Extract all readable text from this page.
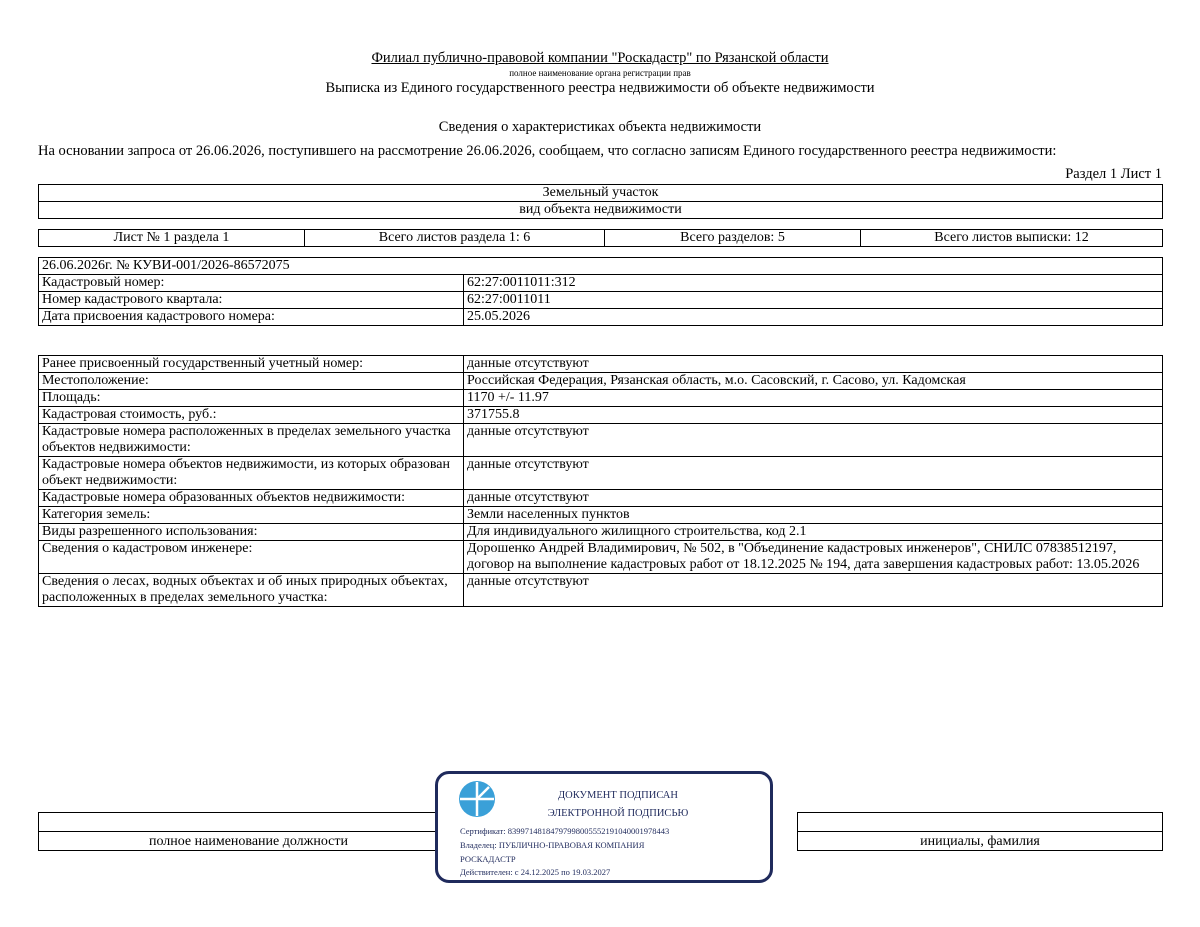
Филиал публично-правовой компании "Роскадастр" по Рязанской области
полное наименование органа регистрации прав
Выписка из Единого государственного реестра недвижимости об объекте недвижимости
Сведения о характеристиках объекта недвижимости
На основании запроса от 26.06.2026, поступившего на рассмотрение 26.06.2026, сообщаем, что согласно записям Единого государственного реестра недвижимости:
Раздел 1 Лист 1
Земельный участок
вид объекта недвижимости
Лист № 1 раздела 1	Всего листов раздела 1: 6	Всего разделов: 5	Всего листов выписки: 12
26.06.2026г. № КУВИ-001/2026-86572075	
Кадастровый номер:	62:27:0011011:312
Номер кадастрового квартала:	62:27:0011011
Дата присвоения кадастрового номера:	25.05.2026
Ранее присвоенный государственный учетный номер:	данные отсутствуют
Местоположение:	Российская Федерация, Рязанская область, м.о. Сасовский, г. Сасово, ул. Кадомская
Площадь:	1170 +/- 11.97
Кадастровая стоимость, руб.:	371755.8
Кадастровые номера расположенных в пределах земельного участка объектов недвижимости:	данные отсутствуют
Кадастровые номера объектов недвижимости, из которых образован объект недвижимости:	данные отсутствуют
Кадастровые номера образованных объектов недвижимости:	данные отсутствуют
Категория земель:	Земли населенных пунктов
Виды разрешенного использования:	Для индивидуального жилищного строительства, код 2.1
Сведения о кадастровом инженере:	Дорошенко Андрей Владимирович, № 502, в "Объединение кадастровых инженеров", СНИЛС 07838512197, договор на выполнение кадастровых работ от 18.12.2025 № 194, дата завершения кадастровых работ: 13.05.2026
Сведения о лесах, водных объектах и об иных природных объектах, расположенных в пределах земельного участка:	данные отсутствуют

полное наименование должности		инициалы, фамилия
ДОКУМЕНТ ПОДПИСАН
ЭЛЕКТРОННОЙ ПОДПИСЬЮ
Сертификат: 83997148184797998005552191040001978443
Владелец: ПУБЛИЧНО-ПРАВОВАЯ КОМПАНИЯ
РОСКАДАСТР
Действителен: с 24.12.2025 по 19.03.2027
